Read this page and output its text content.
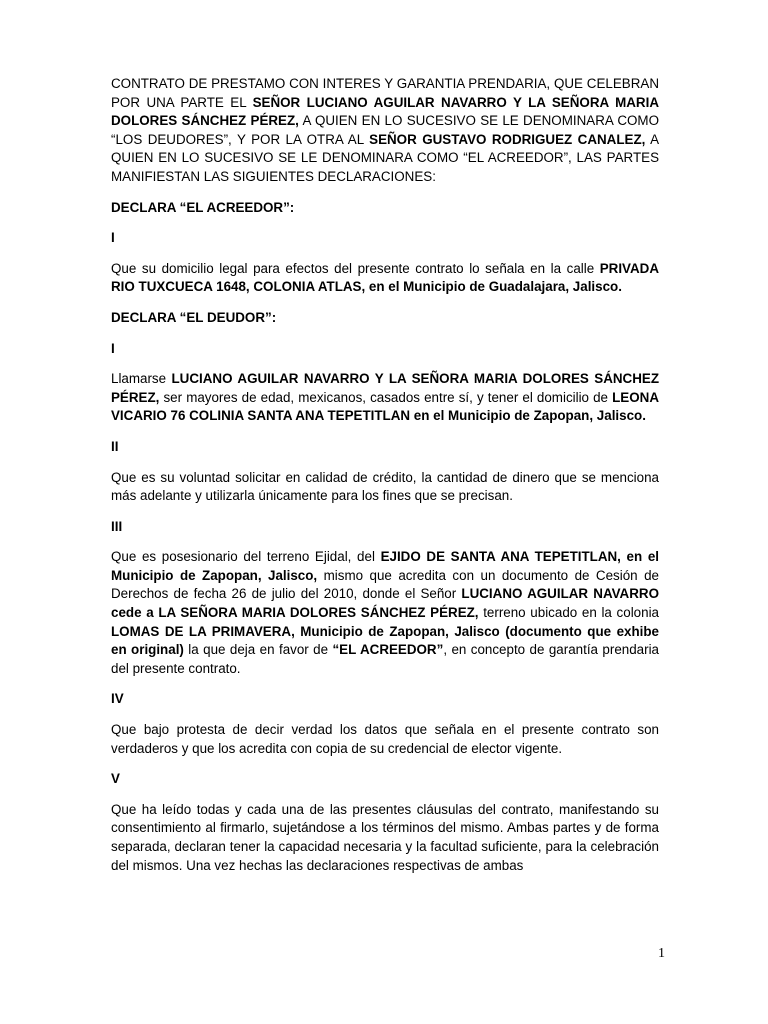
CONTRATO DE PRESTAMO CON INTERES Y GARANTIA PRENDARIA, QUE CELEBRAN POR UNA PARTE EL SEÑOR LUCIANO AGUILAR NAVARRO Y LA SEÑORA MARIA DOLORES SÁNCHEZ PÉREZ, A QUIEN EN LO SUCESIVO SE LE DENOMINARA COMO “LOS DEUDORES”, Y POR LA OTRA AL SEÑOR GUSTAVO RODRIGUEZ CANALEZ, A QUIEN EN LO SUCESIVO SE LE DENOMINARA COMO “EL ACREEDOR”, LAS PARTES MANIFIESTAN LAS SIGUIENTES DECLARACIONES:

DECLARA “EL ACREEDOR”:

I

Que su domicilio legal para efectos del presente contrato lo señala en la calle PRIVADA RIO TUXCUECA 1648, COLONIA ATLAS, en el Municipio de Guadalajara, Jalisco.

DECLARA “EL DEUDOR”:

I

Llamarse LUCIANO AGUILAR NAVARRO Y LA SEÑORA MARIA DOLORES SÁNCHEZ PÉREZ, ser mayores de edad, mexicanos, casados entre sí, y tener el domicilio de LEONA VICARIO 76 COLINIA SANTA ANA TEPETITLAN en el Municipio de Zapopan, Jalisco.

II

Que es su voluntad solicitar en calidad de crédito, la cantidad de dinero que se menciona más adelante y utilizarla únicamente para los fines que se precisan.

III

Que es posesionario del terreno Ejidal, del EJIDO DE SANTA ANA TEPETITLAN, en el Municipio de Zapopan, Jalisco, mismo que acredita con un documento de Cesión de Derechos de fecha 26 de julio del 2010, donde el Señor LUCIANO AGUILAR NAVARRO cede a LA SEÑORA MARIA DOLORES SÁNCHEZ PÉREZ, terreno ubicado en la colonia LOMAS DE LA PRIMAVERA, Municipio de Zapopan, Jalisco (documento que exhibe en original) la que deja en favor de “EL ACREEDOR”, en concepto de garantía prendaria del presente contrato.

IV

Que bajo protesta de decir verdad los datos que señala en el presente contrato son verdaderos y que los acredita con copia de su credencial de elector vigente.

V

Que ha leído todas y cada una de las presentes cláusulas del contrato, manifestando su consentimiento al firmarlo, sujetándose a los términos del mismo. Ambas partes y de forma separada, declaran tener la capacidad necesaria y la facultad suficiente, para la celebración del mismos. Una vez hechas las declaraciones respectivas de ambas

1
